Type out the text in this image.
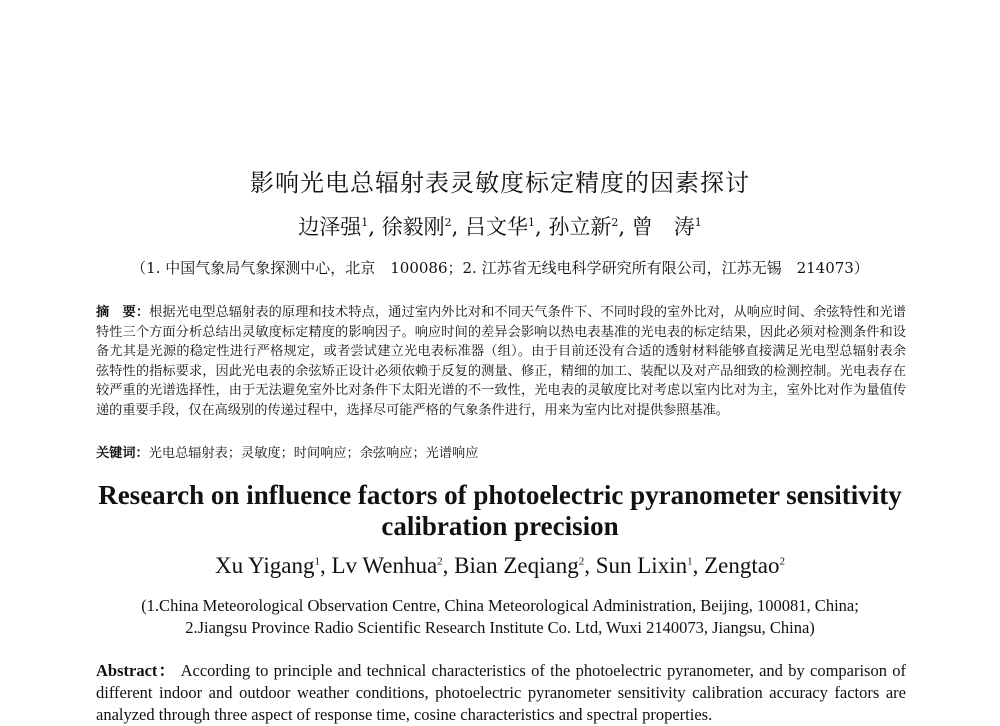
影响光电总辐射表灵敏度标定精度的因素探讨
边泽强$^1$, 徐毅刚$^2$, 吕文华$^1$, 孙立新$^2$, 曾　涛$^1$
（1. 中国气象局气象探测中心，北京　100086；2. 江苏省无线电科学研究所有限公司，江苏无锡　214073）

摘　要：根据光电型总辐射表的原理和技术特点，通过室内外比对和不同天气条件下、不同时段的室外比对，从响应时间、余弦特性和光谱特性三个方面分析总结出灵敏度标定精度的影响因子。响应时间的差异会影响以热电表基准的光电表的标定结果，因此必须对检测条件和设备尤其是光源的稳定性进行严格规定，或者尝试建立光电表标准器（组）。由于目前还没有合适的透射材料能够直接满足光电型总辐射表余弦特性的指标要求，因此光电表的余弦矫正设计必须依赖于反复的测量、修正，精细的加工、装配以及对产品细致的检测控制。光电表存在较严重的光谱选择性，由于无法避免室外比对条件下太阳光谱的不一致性，光电表的灵敏度比对考虑以室内比对为主，室外比对作为量值传递的重要手段，仅在高级别的传递过程中，选择尽可能严格的气象条件进行，用来为室内比对提供参照基准。

关键词：光电总辐射表；灵敏度；时间响应；余弦响应；光谱响应

Research on influence factors of photoelectric pyranometer sensitivity calibration precision
Xu Yigang$^1$, Lv Wenhua$^2$, Bian Zeqiang$^2$, Sun Lixin$^1$, Zengtao$^2$
(1.China Meteorological Observation Centre, China Meteorological Administration, Beijing, 100081, China;
2.Jiangsu Province Radio Scientific Research Institute Co. Ltd, Wuxi 2140073, Jiangsu, China)

Abstract： According to principle and technical characteristics of the photoelectric pyranometer, and by comparison of different indoor and outdoor weather conditions, photoelectric pyranometer sensitivity calibration accuracy factors are analyzed through three aspect of response time, cosine characteristics and spectral properties.
